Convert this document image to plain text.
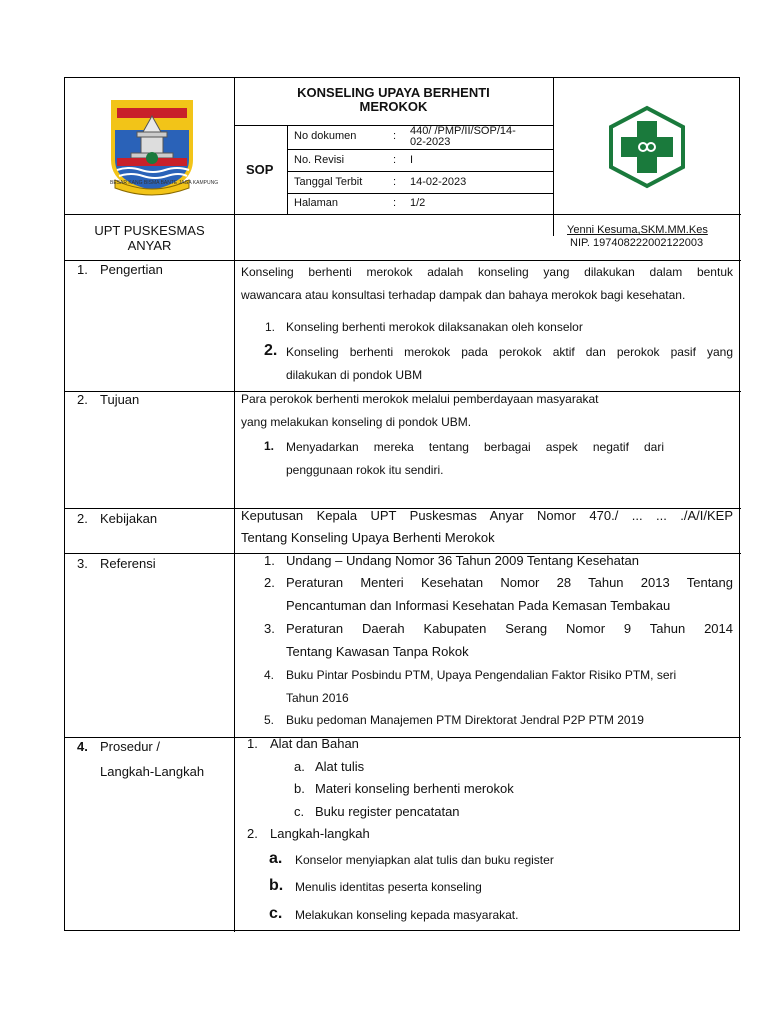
BESAR KANG BISMA BANTE JAGA KAMPUNG
KONSELING UPAYA BERHENTI
MEROKOK
SOP
No dokumen	: 440/ /PMP/II/SOP/14-
02-2023
No. Revisi	: I
Tanggal Terbit	: 14-02-2023
Halaman	: 1/2
UPT PUSKESMAS
ANYAR
Yenni Kesuma,SKM.MM.Kes
NIP. 197408222002122003
1. Pengertian	Konseling berhenti merokok adalah konseling yang dilakukan dalam bentuk
wawancara atau konsultasi terhadap dampak dan bahaya merokok bagi kesehatan.
1. Konseling berhenti merokok dilaksanakan oleh konselor
2. Konseling berhenti merokok pada perokok aktif dan perokok pasif yang
dilakukan di pondok UBM
2. Tujuan	Para perokok berhenti merokok melalui pemberdayaan masyarakat
yang melakukan konseling di pondok UBM.
1. Menyadarkan mereka tentang berbagai aspek negatif dari
penggunaan rokok itu sendiri.
2. Kebijakan	Keputusan Kepala UPT Puskesmas Anyar Nomor 470./ ... ... ./A/I/KEP
Tentang Konseling Upaya Berhenti Merokok
3. Referensi	1. Undang – Undang Nomor 36 Tahun 2009 Tentang Kesehatan
2. Peraturan Menteri Kesehatan Nomor 28 Tahun 2013 Tentang
Pencantuman dan Informasi Kesehatan Pada Kemasan Tembakau
3. Peraturan Daerah Kabupaten Serang Nomor 9 Tahun 2014
Tentang Kawasan Tanpa Rokok
4. Buku Pintar Posbindu PTM, Upaya Pengendalian Faktor Risiko PTM, seri
Tahun 2016
5. Buku pedoman Manajemen PTM Direktorat Jendral P2P PTM 2019
4. Prosedur /
Langkah-Langkah
1. Alat dan Bahan
a. Alat tulis
b. Materi konseling berhenti merokok
c. Buku register pencatatan
2. Langkah-langkah
a. Konselor menyiapkan alat tulis dan buku register
b. Menulis identitas peserta konseling
c. Melakukan konseling kepada masyarakat.
